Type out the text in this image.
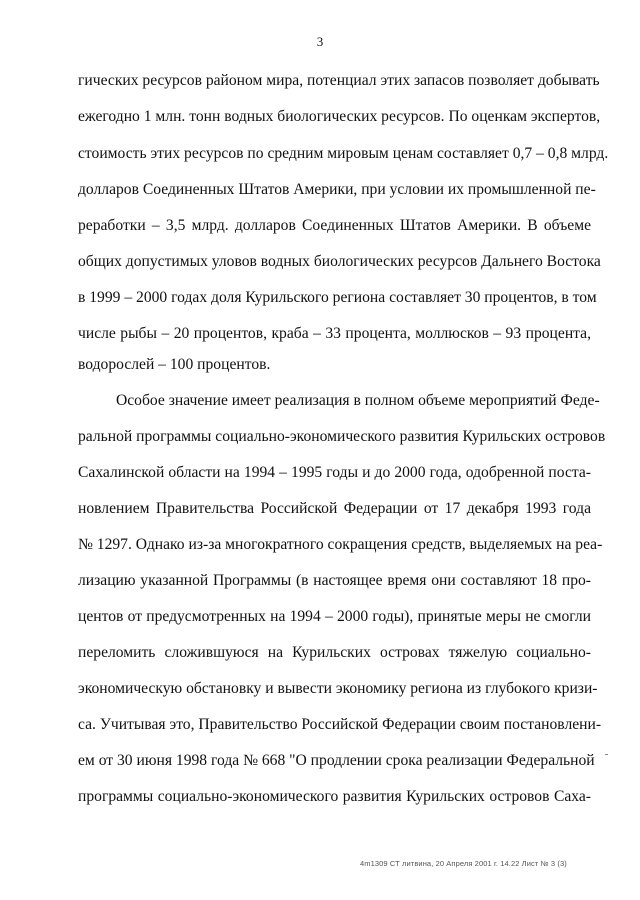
3
гических ресурсов районом мира, потенциал этих запасов позволяет добывать
ежегодно 1 млн. тонн водных биологических ресурсов. По оценкам экспертов,
стоимость этих ресурсов по средним мировым ценам составляет 0,7 – 0,8 млрд.
долларов Соединенных Штатов Америки, при условии их промышленной пе-
реработки – 3,5 млрд. долларов Соединенных Штатов Америки. В объеме
общих допустимых уловов водных биологических ресурсов Дальнего Востока
в 1999 – 2000 годах доля Курильского региона составляет 30 процентов, в том
числе рыбы – 20 процентов, краба – 33 процента, моллюсков – 93 процента,
водорослей – 100 процентов.
Особое значение имеет реализация в полном объеме мероприятий Феде-
ральной программы социально-экономического развития Курильских островов
Сахалинской области на 1994 – 1995 годы и до 2000 года, одобренной поста-
новлением Правительства Российской Федерации от 17 декабря 1993 года
№ 1297. Однако из-за многократного сокращения средств, выделяемых на реа-
лизацию указанной Программы (в настоящее время они составляют 18 про-
центов от предусмотренных на 1994 – 2000 годы), принятые меры не смогли
переломить сложившуюся на Курильских островах тяжелую социально-
экономическую обстановку и вывести экономику региона из глубокого кризи-
са. Учитывая это, Правительство Российской Федерации своим постановлени-
ем от 30 июня 1998 года № 668 "О продлении срока реализации Федеральной
программы социально-экономического развития Курильских островов Саха-
4m1309 СТ литвина, 20 Апреля 2001 г. 14.22 Лист № 3 (3)
